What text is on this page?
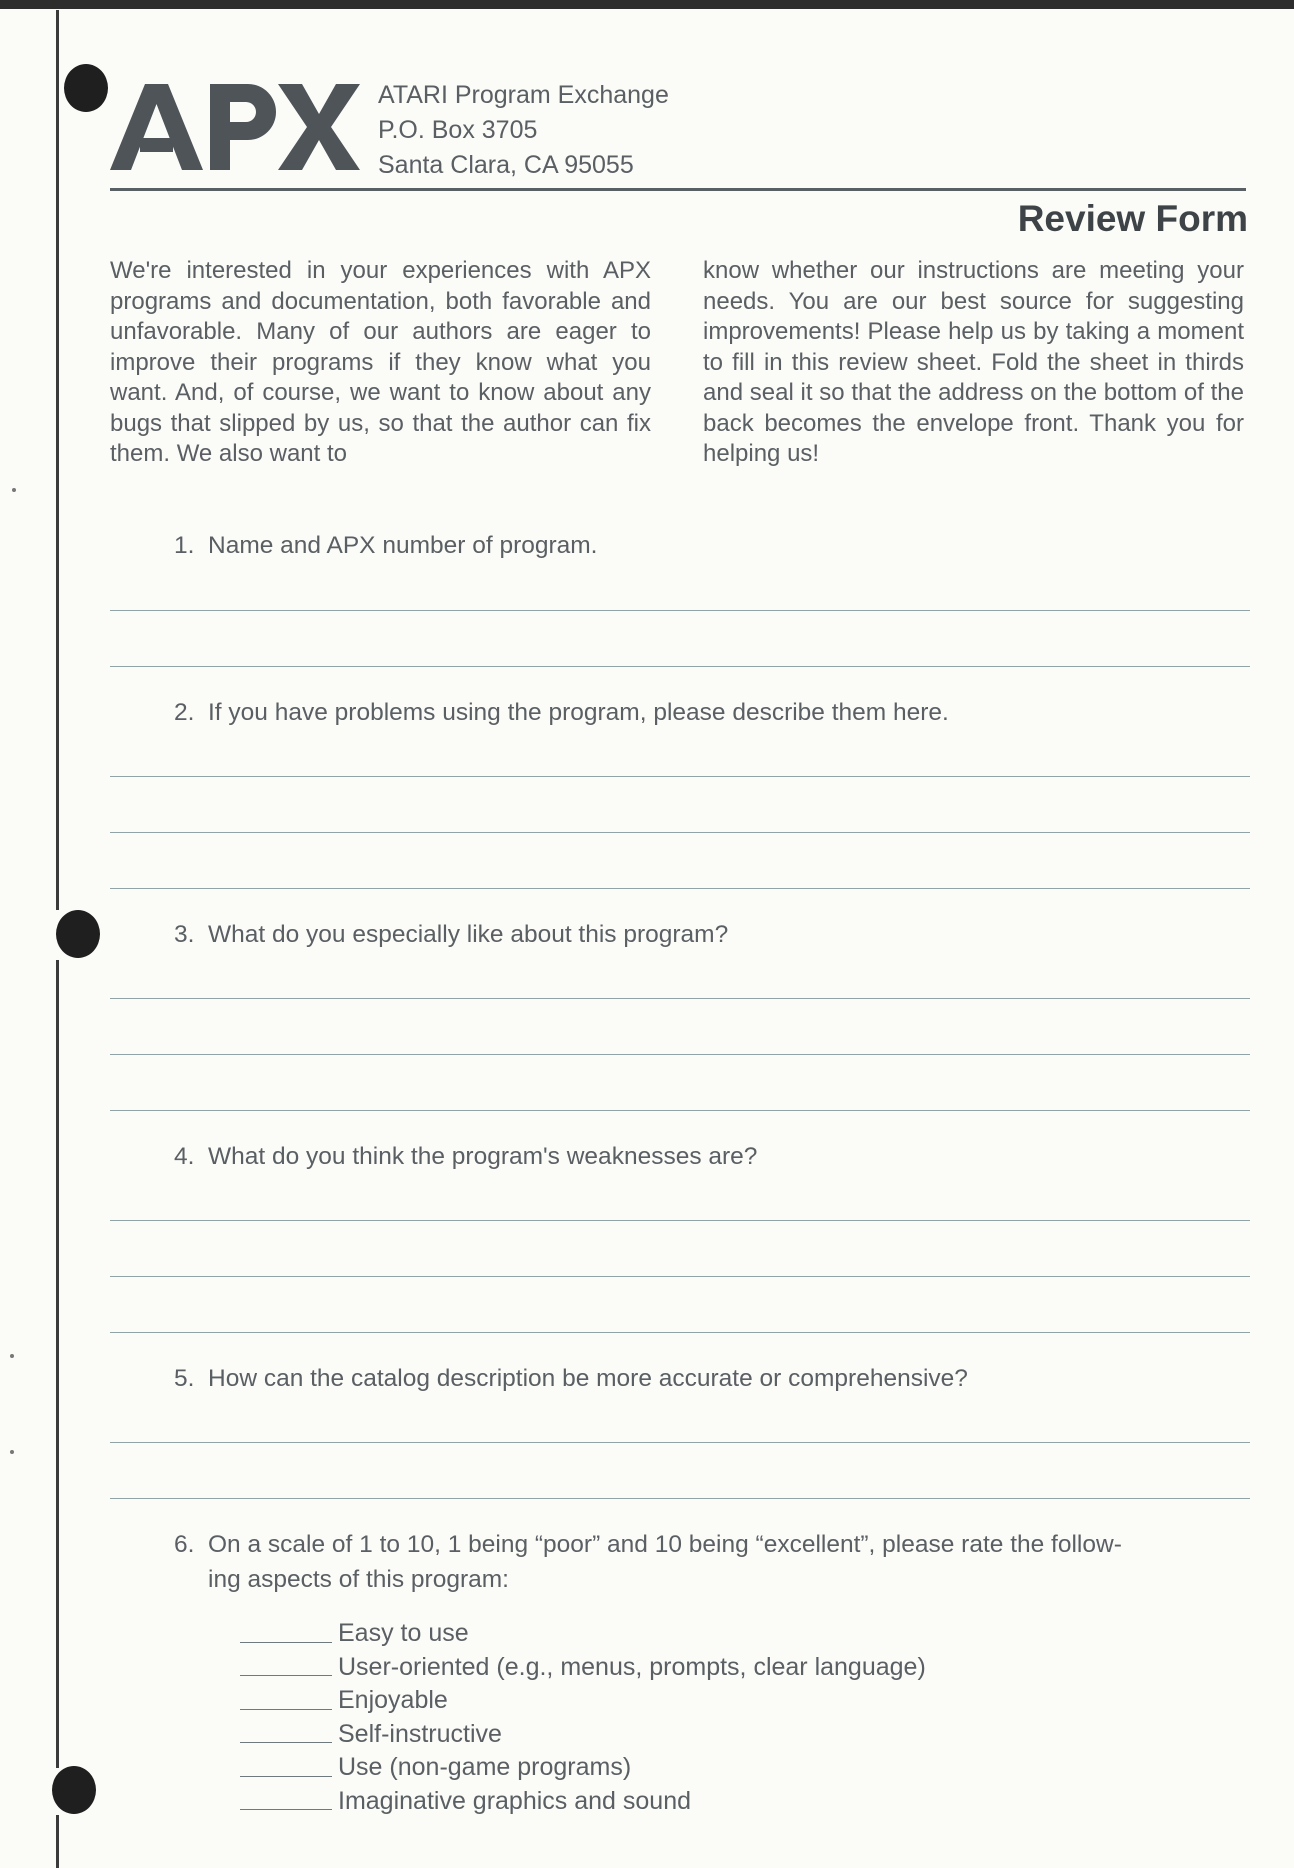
ATARI Program Exchange
P.O. Box 3705
Santa Clara, CA 95055
Review Form
We're interested in your experiences with APX programs and documentation, both favorable and unfavorable. Many of our authors are eager to improve their programs if they know what you want. And, of course, we want to know about any bugs that slipped by us, so that the author can fix them. We also want to
know whether our instructions are meeting your needs. You are our best source for suggesting improvements! Please help us by taking a moment to fill in this review sheet. Fold the sheet in thirds and seal it so that the address on the bottom of the back becomes the envelope front. Thank you for helping us!
1. Name and APX number of program.
2. If you have problems using the program, please describe them here.
3. What do you especially like about this program?
4. What do you think the program's weaknesses are?
5. How can the catalog description be more accurate or comprehensive?
6. On a scale of 1 to 10, 1 being “poor” and 10 being “excellent”, please rate the follow-
ing aspects of this program:
Easy to use
User-oriented (e.g., menus, prompts, clear language)
Enjoyable
Self-instructive
Use (non-game programs)
Imaginative graphics and sound
